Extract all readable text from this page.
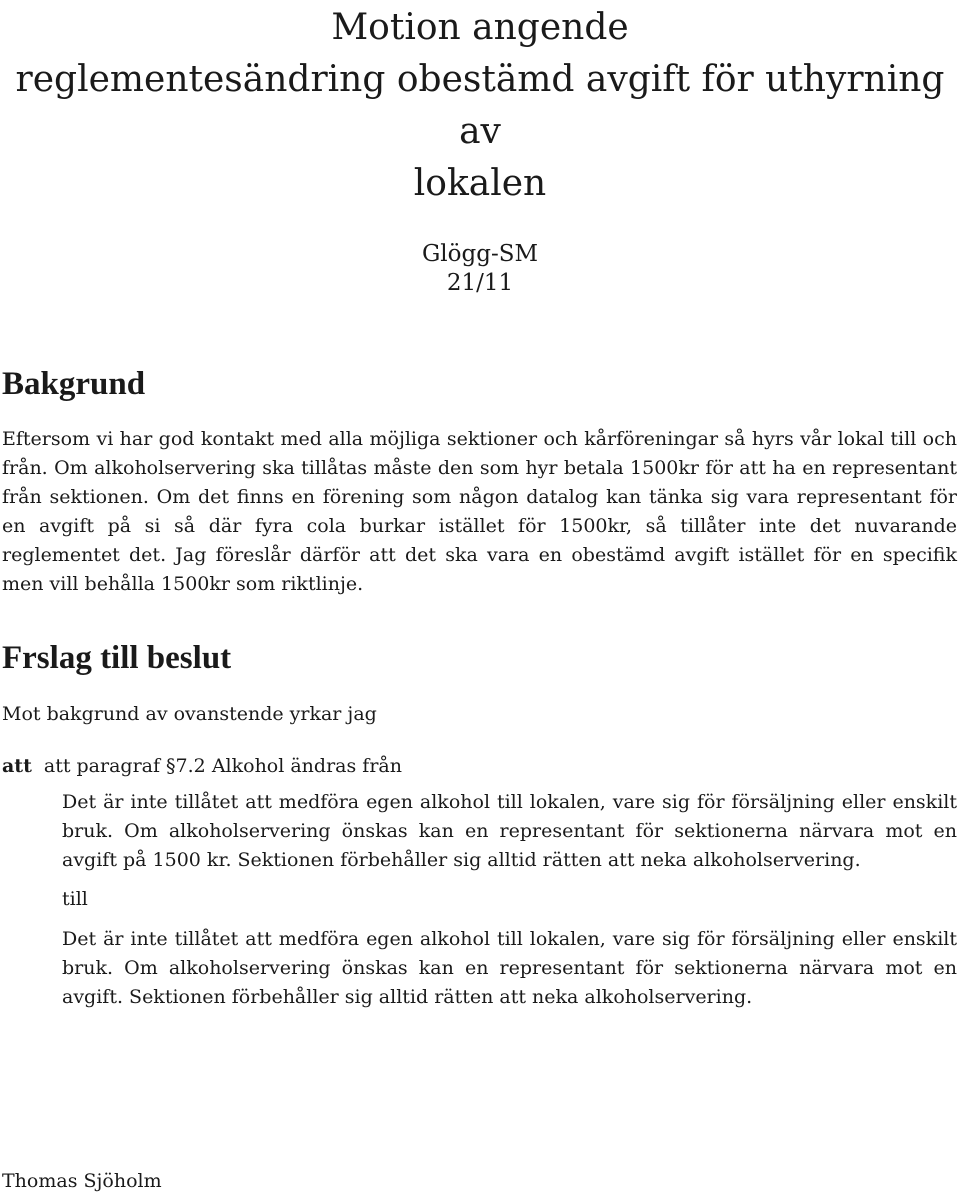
Motion angende
reglementesändring obestämd avgift för uthyrning av
lokalen
Glögg-SM
21/11
Bakgrund

Eftersom vi har god kontakt med alla möjliga sektioner och kårföreningar så hyrs vår lokal till och från. Om alkoholservering ska tillåtas måste den som hyr betala 1500kr för att ha en representant från sektionen. Om det finns en förening som någon datalog kan tänka sig vara representant för en avgift på si så där fyra cola burkar istället för 1500kr, så tillåter inte det nuvarande reglementet det. Jag föreslår därför att det ska vara en obestämd avgift istället för en specifik men vill behålla 1500kr som riktlinje.

Frslag till beslut

Mot bakgrund av ovanstende yrkar jag

att att paragraf §7.2 Alkohol ändras från

Det är inte tillåtet att medföra egen alkohol till lokalen, vare sig för försäljning eller enskilt bruk. Om alkoholservering önskas kan en representant för sektionerna närvara mot en avgift på 1500 kr. Sektionen förbehåller sig alltid rätten att neka alkoholservering.

till

Det är inte tillåtet att medföra egen alkohol till lokalen, vare sig för försäljning eller enskilt bruk. Om alkoholservering önskas kan en representant för sektionerna närvara mot en avgift. Sektionen förbehåller sig alltid rätten att neka alkoholservering.

Thomas Sjöholm
